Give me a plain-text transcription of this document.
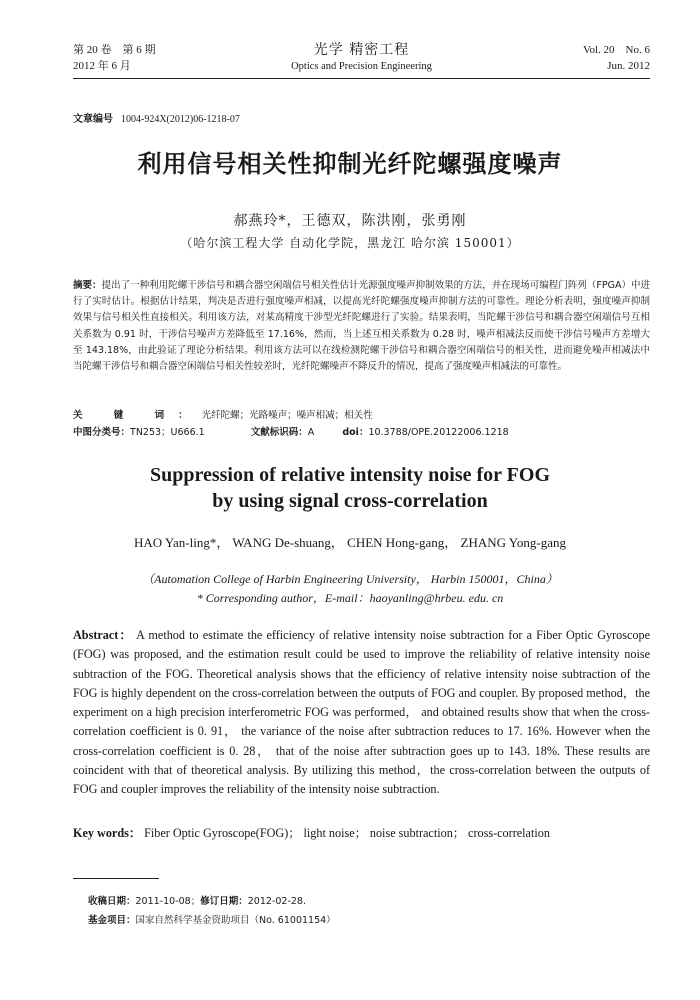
第 20 卷　第 6 期
2012 年 6 月
光学 精密工程
Optics and Precision Engineering
Vol. 20　No. 6
Jun. 2012
文章编号 1004-924X(2012)06-1218-07
利用信号相关性抑制光纤陀螺强度噪声
郝燕玲*，王德双，陈洪刚，张勇刚
（哈尔滨工程大学 自动化学院，黑龙江 哈尔滨 150001）
摘要：提出了一种利用陀螺干涉信号和耦合器空闲端信号相关性估计光源强度噪声抑制效果的方法，并在现场可编程门阵列（FPGA）中进行了实时估计。根据估计结果，判决是否进行强度噪声相减，以提高光纤陀螺强度噪声抑制方法的可靠性。理论分析表明，强度噪声抑制效果与信号相关性直接相关。利用该方法，对某高精度干涉型光纤陀螺进行了实验。结果表明，当陀螺干涉信号和耦合器空闲端信号互相关系数为 0.91 时，干涉信号噪声方差降低至 17.16%，然而，当上述互相关系数为 0.28 时，噪声相减法反而使干涉信号噪声方差增大至 143.18%，由此验证了理论分析结果。利用该方法可以在线检测陀螺干涉信号和耦合器空闲端信号的相关性，进而避免噪声相减法中当陀螺干涉信号和耦合器空闲端信号相关性较差时，光纤陀螺噪声不降反升的情况，提高了强度噪声相减法的可靠性。
关 键 词：光纤陀螺；光路噪声；噪声相减；相关性
中图分类号：TN253；U666.1	文献标识码：A	doi：10.3788/OPE.20122006.1218
Suppression of relative intensity noise for FOG
by using signal cross-correlation
HAO Yan-ling*， WANG De-shuang， CHEN Hong-gang， ZHANG Yong-gang
（Automation College of Harbin Engineering University， Harbin 150001，China）
* Corresponding author，E-mail：haoyanling@hrbeu. edu. cn
Abstract： A method to estimate the efficiency of relative intensity noise subtraction for a Fiber Optic Gyroscope (FOG) was proposed, and the estimation result could be used to improve the reliability of relative intensity noise subtraction of the FOG. Theoretical analysis shows that the efficiency of relative intensity noise subtraction of the FOG is highly dependent on the cross-correlation between the outputs of FOG and coupler. By proposed method，the experiment on a high precision interferometric FOG was performed， and obtained results show that when the cross-correlation coefficient is 0. 91， the variance of the noise after subtraction reduces to 17. 16%. However when the cross-correlation coefficient is 0. 28， that of the noise after subtraction goes up to 143. 18%. These results are coincident with that of theoretical analysis. By utilizing this method，the cross-correlation between the outputs of FOG and coupler improves the reliability of the intensity noise subtraction.
Key words： Fiber Optic Gyroscope(FOG)； light noise； noise subtraction； cross-correlation
收稿日期：2011-10-08；修订日期：2012-02-28.
基金项目：国家自然科学基金资助项目（No. 61001154）
